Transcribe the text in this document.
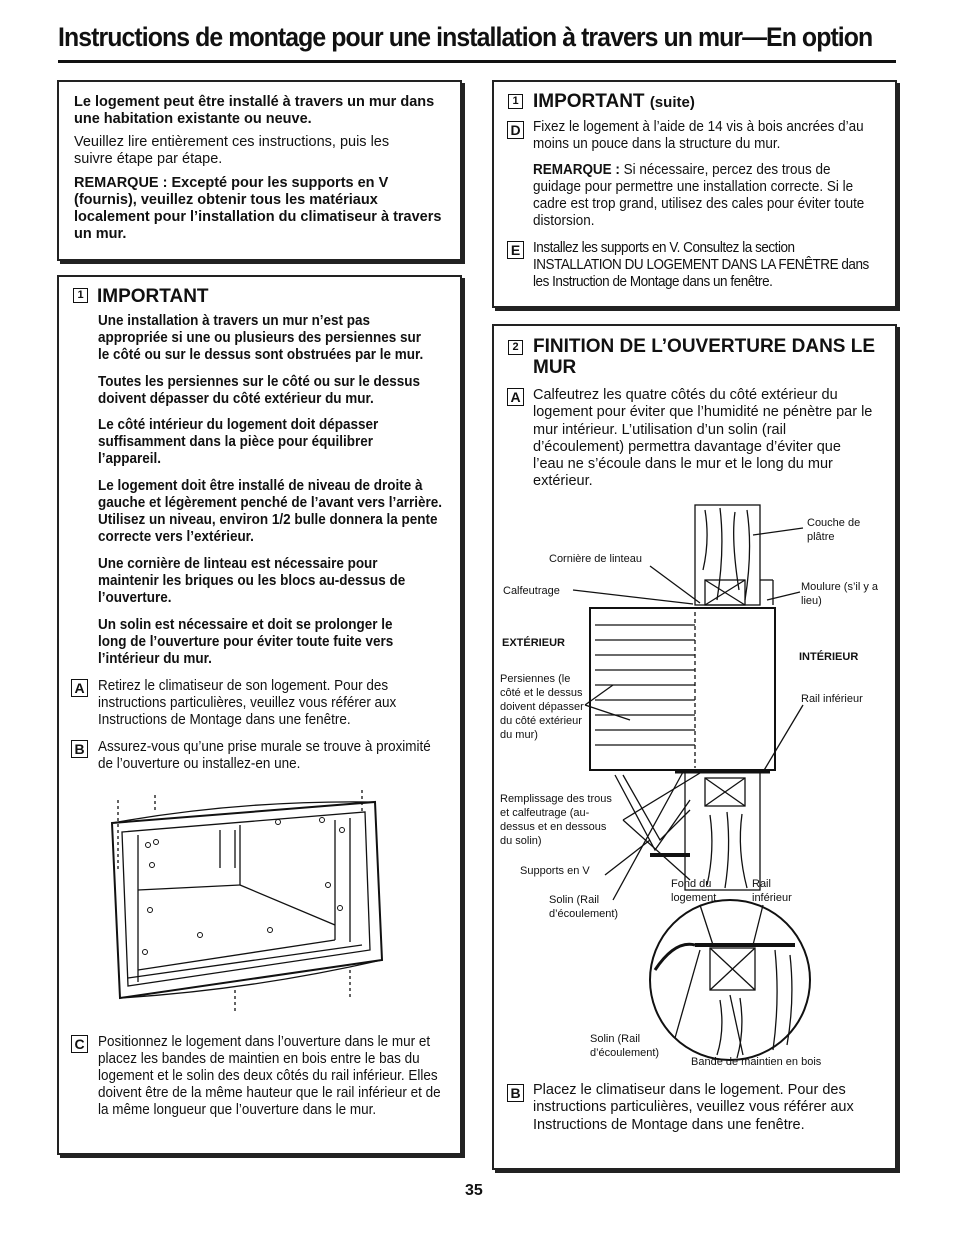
Instructions de montage pour une installation à travers un mur—En option
Le logement peut être installé à travers un mur dans une habitation existante ou neuve.
Veuillez lire entièrement ces instructions, puis les suivre étape par étape.
REMARQUE : Excepté pour les supports en V (fournis), veuillez obtenir tous les matériaux localement pour l’installation du climatiseur à travers un mur.
1 IMPORTANT
Une installation à travers un mur n’est pas appropriée si une ou plusieurs des persiennes sur le côté ou sur le dessus sont obstruées par le mur.
Toutes les persiennes sur le côté ou sur le dessus doivent dépasser du côté extérieur du mur.
Le côté intérieur du logement doit dépasser suffisamment dans la pièce pour équilibrer l’appareil.
Le logement doit être installé de niveau de droite à gauche et légèrement penché de l’avant vers l’arrière. Utilisez un niveau, environ 1/2 bulle donnera la pente correcte vers l’extérieur.
Une cornière de linteau est nécessaire pour maintenir les briques ou les blocs au-dessus de l’ouverture.
Un solin est nécessaire et doit se prolonger le long de l’ouverture pour éviter toute fuite vers l’intérieur du mur.
A Retirez le climatiseur de son logement. Pour des instructions particulières, veuillez vous référer aux Instructions de Montage dans une fenêtre.
B Assurez-vous qu’une prise murale se trouve à proximité de l’ouverture ou installez-en une.
C Positionnez le logement dans l’ouverture dans le mur et placez les bandes de maintien en bois entre le bas du logement et le solin des deux côtés du rail inférieur. Elles doivent être de la même hauteur que le rail inférieur et de la même longueur que l’ouverture dans le mur.
1 IMPORTANT (suite)
D Fixez le logement à l’aide de 14 vis à bois ancrées d’au moins un pouce dans la structure du mur.
REMARQUE : Si nécessaire, percez des trous de guidage pour permettre une installation correcte. Si le cadre est trop grand, utilisez des cales pour éviter toute distorsion.
E Installez les supports en V. Consultez la section INSTALLATION DU LOGEMENT DANS LA FENÊTRE dans les Instruction de Montage dans un fenêtre.
2 FINITION DE L’OUVERTURE DANS LE MUR
A Calfeutrez les quatre côtés du côté extérieur du logement pour éviter que l’humidité ne pénètre par le mur intérieur. L’utilisation d’un solin (rail d’écoulement) permettra davantage d’éviter que l’eau ne s’écoule dans le mur et le long du mur extérieur.
Couche de plâtre
Cornière de linteau
Calfeutrage	Moulure (s’il y a lieu)
EXTÉRIEUR
INTÉRIEUR
Persiennes (le côté et le dessus doivent dépasser du côté extérieur du mur)
Rail inférieur
Remplissage des trous et calfeutrage (au-dessus et en dessous du solin)
Supports en V
Fond du logement
Rail inférieur
Solin (Rail d’écoulement)
Solin (Rail d’écoulement)
Bande de maintien en bois
B Placez le climatiseur dans le logement. Pour des instructions particulières, veuillez vous référer aux Instructions de Montage dans une fenêtre.
35
